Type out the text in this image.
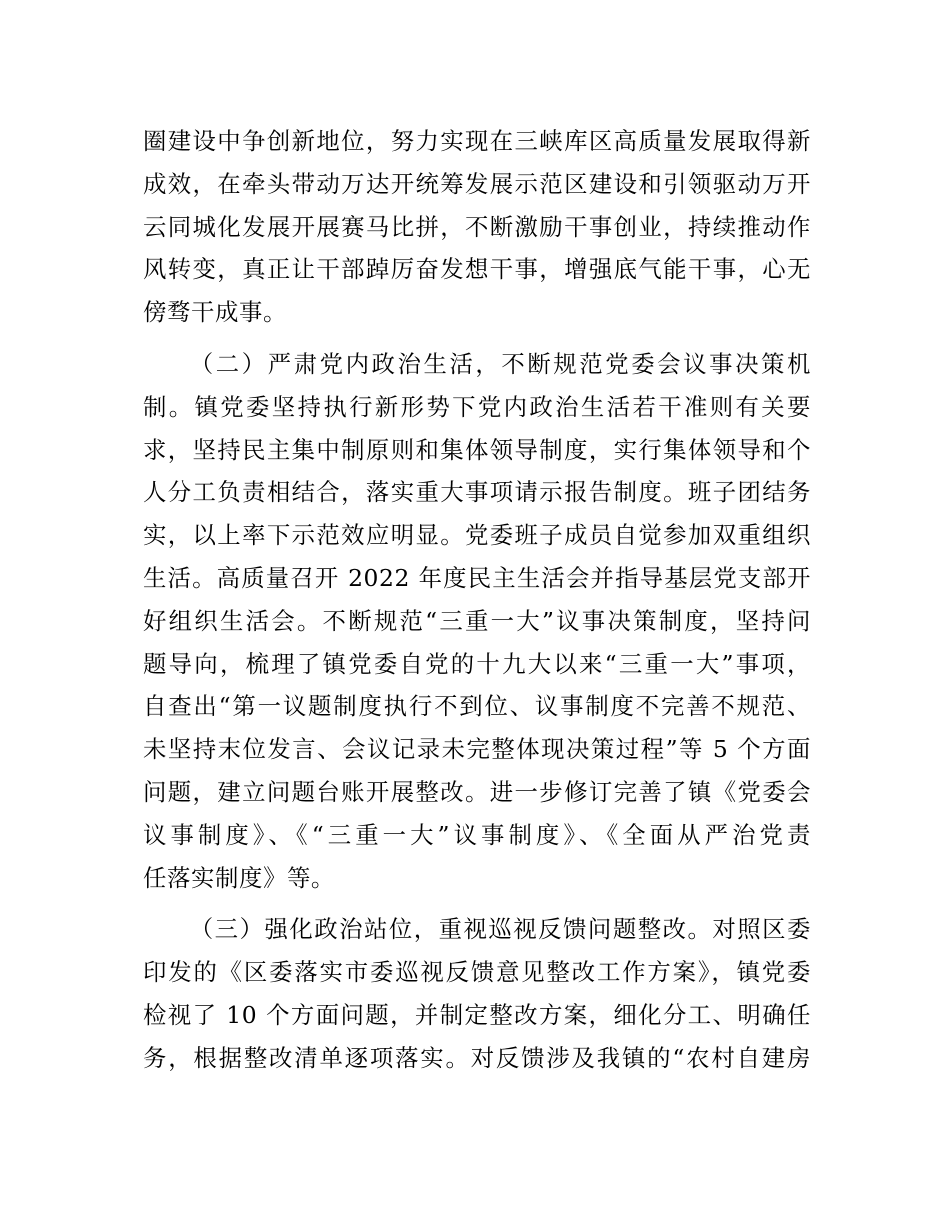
圈建设中争创新地位，努力实现在三峡库区高质量发展取得新
成效，在牵头带动万达开统筹发展示范区建设和引领驱动万开
云同城化发展开展赛马比拼，不断激励干事创业，持续推动作
风转变，真正让干部踔厉奋发想干事，增强底气能干事，心无
傍骛干成事。

（二）严肃党内政治生活，不断规范党委会议事决策机
制。镇党委坚持执行新形势下党内政治生活若干准则有关要
求，坚持民主集中制原则和集体领导制度，实行集体领导和个
人分工负责相结合，落实重大事项请示报告制度。班子团结务
实，以上率下示范效应明显。党委班子成员自觉参加双重组织
生活。高质量召开 2022 年度民主生活会并指导基层党支部开
好组织生活会。不断规范“三重一大”议事决策制度，坚持问
题导向，梳理了镇党委自党的十九大以来“三重一大”事项，
自查出“第一议题制度执行不到位、议事制度不完善不规范、
未坚持末位发言、会议记录未完整体现决策过程”等 5 个方面
问题，建立问题台账开展整改。进一步修订完善了镇《党委会
议事制度》、《“三重一大”议事制度》、《全面从严治党责
任落实制度》等。

（三）强化政治站位，重视巡视反馈问题整改。对照区委
印发的《区委落实市委巡视反馈意见整改工作方案》，镇党委
检视了 10 个方面问题，并制定整改方案，细化分工、明确任
务，根据整改清单逐项落实。对反馈涉及我镇的“农村自建房
